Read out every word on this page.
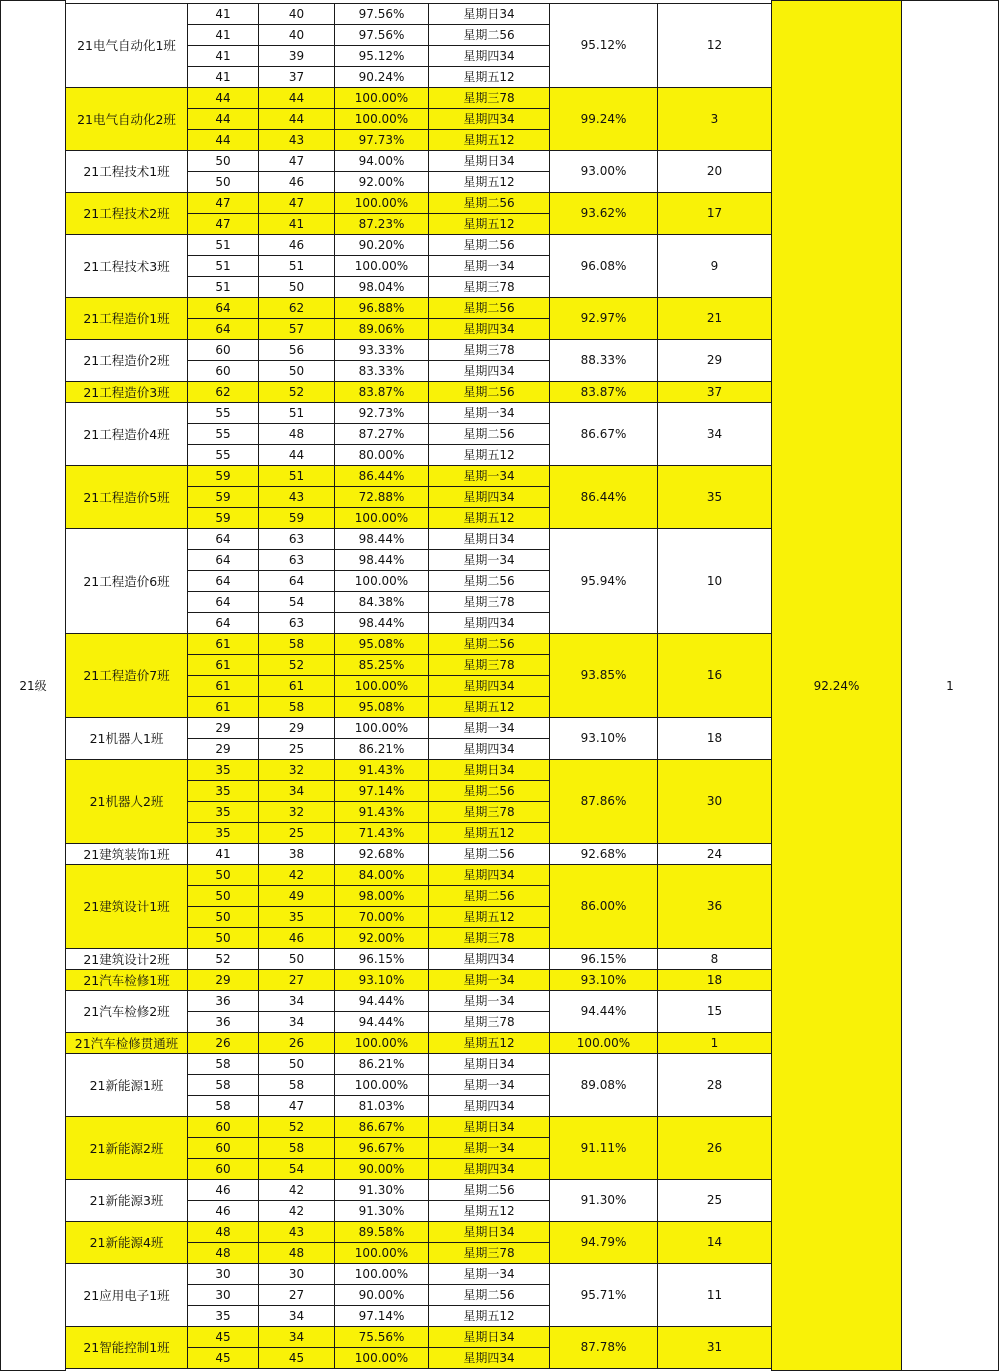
21级
21电气自动化1班
41	40	97.56%	星期日34
41	40	97.56%	星期二56
41	39	95.12%	星期四34
41	37	90.24%	星期五12
95.12%	12
21电气自动化2班
44	44	100.00%	星期三78
44	44	100.00%	星期四34
44	43	97.73%	星期五12
99.24%	3
21工程技术1班
50	47	94.00%	星期日34
50	46	92.00%	星期五12
93.00%	20
21工程技术2班
47	47	100.00%	星期二56
47	41	87.23%	星期五12
93.62%	17
21工程技术3班
51	46	90.20%	星期二56
51	51	100.00%	星期一34
51	50	98.04%	星期三78
96.08%	9
21工程造价1班
64	62	96.88%	星期二56
64	57	89.06%	星期四34
92.97%	21
21工程造价2班
60	56	93.33%	星期三78
60	50	83.33%	星期四34
88.33%	29
21工程造价3班	62	52	83.87%	星期二56	83.87%	37
21工程造价4班
55	51	92.73%	星期一34
55	48	87.27%	星期二56
55	44	80.00%	星期五12
86.67%	34
21工程造价5班
59	51	86.44%	星期一34
59	43	72.88%	星期四34
59	59	100.00%	星期五12
86.44%	35
21工程造价6班
64	63	98.44%	星期日34
64	63	98.44%	星期一34
64	64	100.00%	星期二56
64	54	84.38%	星期三78
64	63	98.44%	星期四34
95.94%	10
21工程造价7班
61	58	95.08%	星期二56
61	52	85.25%	星期三78
61	61	100.00%	星期四34
61	58	95.08%	星期五12
93.85%	16
21机器人1班
29	29	100.00%	星期一34
29	25	86.21%	星期四34
93.10%	18
21机器人2班
35	32	91.43%	星期日34
35	34	97.14%	星期二56
35	32	91.43%	星期三78
35	25	71.43%	星期五12
87.86%	30
21建筑装饰1班	41	38	92.68%	星期二56	92.68%	24
21建筑设计1班
50	42	84.00%	星期四34
50	49	98.00%	星期二56
50	35	70.00%	星期五12
50	46	92.00%	星期三78
86.00%	36
21建筑设计2班	52	50	96.15%	星期四34	96.15%	8
21汽车检修1班	29	27	93.10%	星期一34	93.10%	18
21汽车检修2班
36	34	94.44%	星期一34
36	34	94.44%	星期三78
94.44%	15
21汽车检修贯通班	26	26	100.00%	星期五12	100.00%	1
21新能源1班
58	50	86.21%	星期日34
58	58	100.00%	星期一34
58	47	81.03%	星期四34
89.08%	28
21新能源2班
60	52	86.67%	星期日34
60	58	96.67%	星期一34
60	54	90.00%	星期四34
91.11%	26
21新能源3班
46	42	91.30%	星期二56
46	42	91.30%	星期五12
91.30%	25
21新能源4班
48	43	89.58%	星期日34
48	48	100.00%	星期三78
94.79%	14
21应用电子1班
30	30	100.00%	星期一34
30	27	90.00%	星期二56
35	34	97.14%	星期五12
95.71%	11
21智能控制1班
45	34	75.56%	星期日34
45	45	100.00%	星期四34
87.78%	31
92.24%	1
